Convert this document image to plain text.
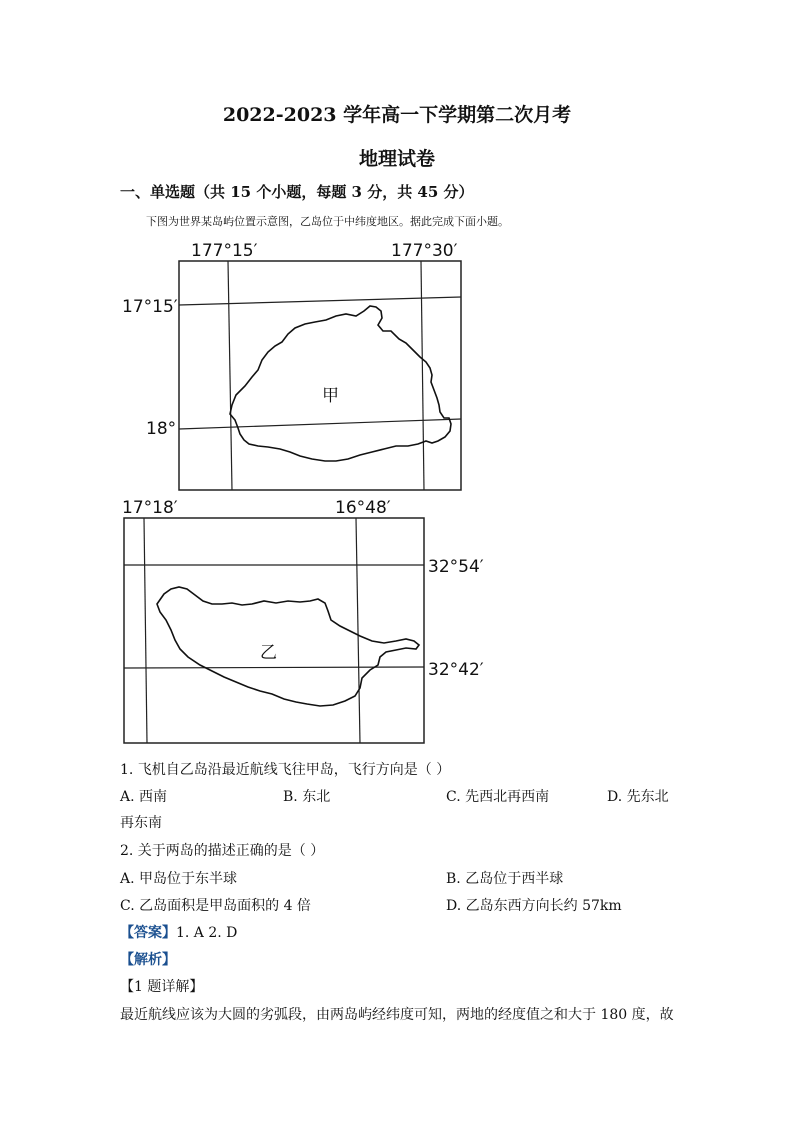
2022-2023 学年高一下学期第二次月考
地理试卷
一、单选题（共 15 个小题，每题 3 分，共 45 分）
下图为世界某岛屿位置示意图，乙岛位于中纬度地区。据此完成下面小题。
177°15′	177°30′
17°15′
18°
甲
17°18′	16°48′
32°54′
32°42′
乙
1. 飞机自乙岛沿最近航线飞往甲岛，飞行方向是（ ）
A. 西南	B. 东北	C. 先西北再西南	D. 先东北
再东南
2. 关于两岛的描述正确的是（ ）
A. 甲岛位于东半球	B. 乙岛位于西半球
C. 乙岛面积是甲岛面积的 4 倍	D. 乙岛东西方向长约 57km
【答案】1. A 2. D
【解析】
【1 题详解】
最近航线应该为大圆的劣弧段，由两岛屿经纬度可知，两地的经度值之和大于 180 度，故
